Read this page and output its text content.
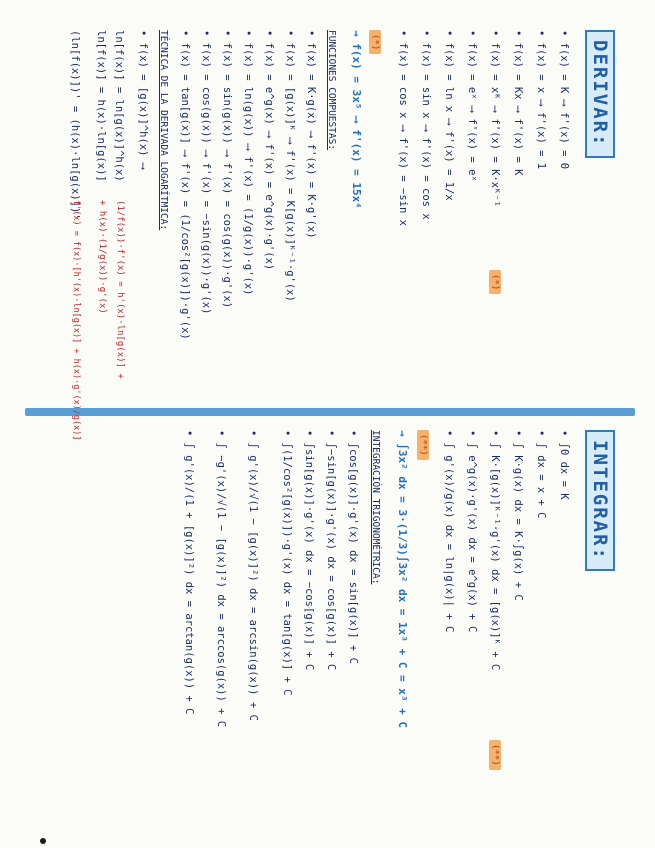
DERIVAR:
• f(x) = K ⟶ f'(x) = 0
• f(x) = x ⟶ f'(x) = 1
• f(x) = Kx ⟶ f'(x) = K
• f(x) = xᴷ ⟶ f'(x) = K·xᴷ⁻¹
(*)
• f(x) = eˣ ⟶ f'(x) = eˣ
• f(x) = ln x ⟶ f'(x) = 1/x
• f(x) = sin x ⟶ f'(x) = cos x
• f(x) = cos x ⟶ f'(x) = −sin x
(*)
→ f(x) = 3x⁵ ⟶ f'(x) = 15x⁴
FUNCIONES COMPUESTAS:
• f(x) = K·g(x) ⟶ f'(x) = K·g'(x)
• f(x) = [g(x)]ᴷ ⟶ f'(x) = K[g(x)]ᴷ⁻¹·g'(x)
• f(x) = e^g(x) ⟶ f'(x) = e^g(x)·g'(x)
• f(x) = ln(g(x)) ⟶ f'(x) = (1/g(x))·g'(x)
• f(x) = sin(g(x)) ⟶ f'(x) = cos(g(x))·g'(x)
• f(x) = cos(g(x)) ⟶ f'(x) = −sin(g(x))·g'(x)
• f(x) = tan[g(x)] ⟶ f'(x) = (1/cos²[g(x)])·g'(x)
TÉCNICA DE LA DERIVADA LOGARÍTMICA:
• f(x) = [g(x)]^h(x) ⟶
ln[f(x)] = ln[g(x)]^h(x)
ln[f(x)] = h(x)·ln[g(x)]
(ln[f(x)])' = (h(x)·ln[g(x)])'
(1/f(x))·f'(x) = h'(x)·ln[g(x)] +
+ h(x)·(1/g(x))·g'(x)
f'(x) = f(x)·[h'(x)·ln[g(x)] + h(x)·g'(x)/g(x)]
INTEGRAR:
• ∫0 dx = K
• ∫ dx = x + C
• ∫ K·g(x) dx = K·∫g(x) + C
• ∫ K·[g(x)]ᴷ⁻¹·g'(x) dx = [g(x)]ᴷ + C
(**)
• ∫ e^g(x)·g'(x) dx = e^g(x) + C
• ∫ g'(x)/g(x) dx = ln|g(x)| + C
(**)
→ ∫3x² dx = 3·(1/3)∫3x² dx = 1x³ + C = x³ + C
INTEGRACIÓN TRIGONOMÉTRICA:
• ∫cos[g(x)]·g'(x) dx = sin[g(x)] + C
• ∫−sin[g(x)]·g'(x) dx = cos[g(x)] + C
• ∫sin[g(x)]·g'(x) dx = −cos[g(x)] + C
• ∫(1/cos²[g(x)])·g'(x) dx = tan[g(x)] + C
• ∫ g'(x)/√(1 − [g(x)]²) dx = arcsin(g(x)) + C
• ∫ −g'(x)/√(1 − [g(x)]²) dx = arccos(g(x)) + C
• ∫ g'(x)/(1 + [g(x)]²) dx = arctan(g(x)) + C
